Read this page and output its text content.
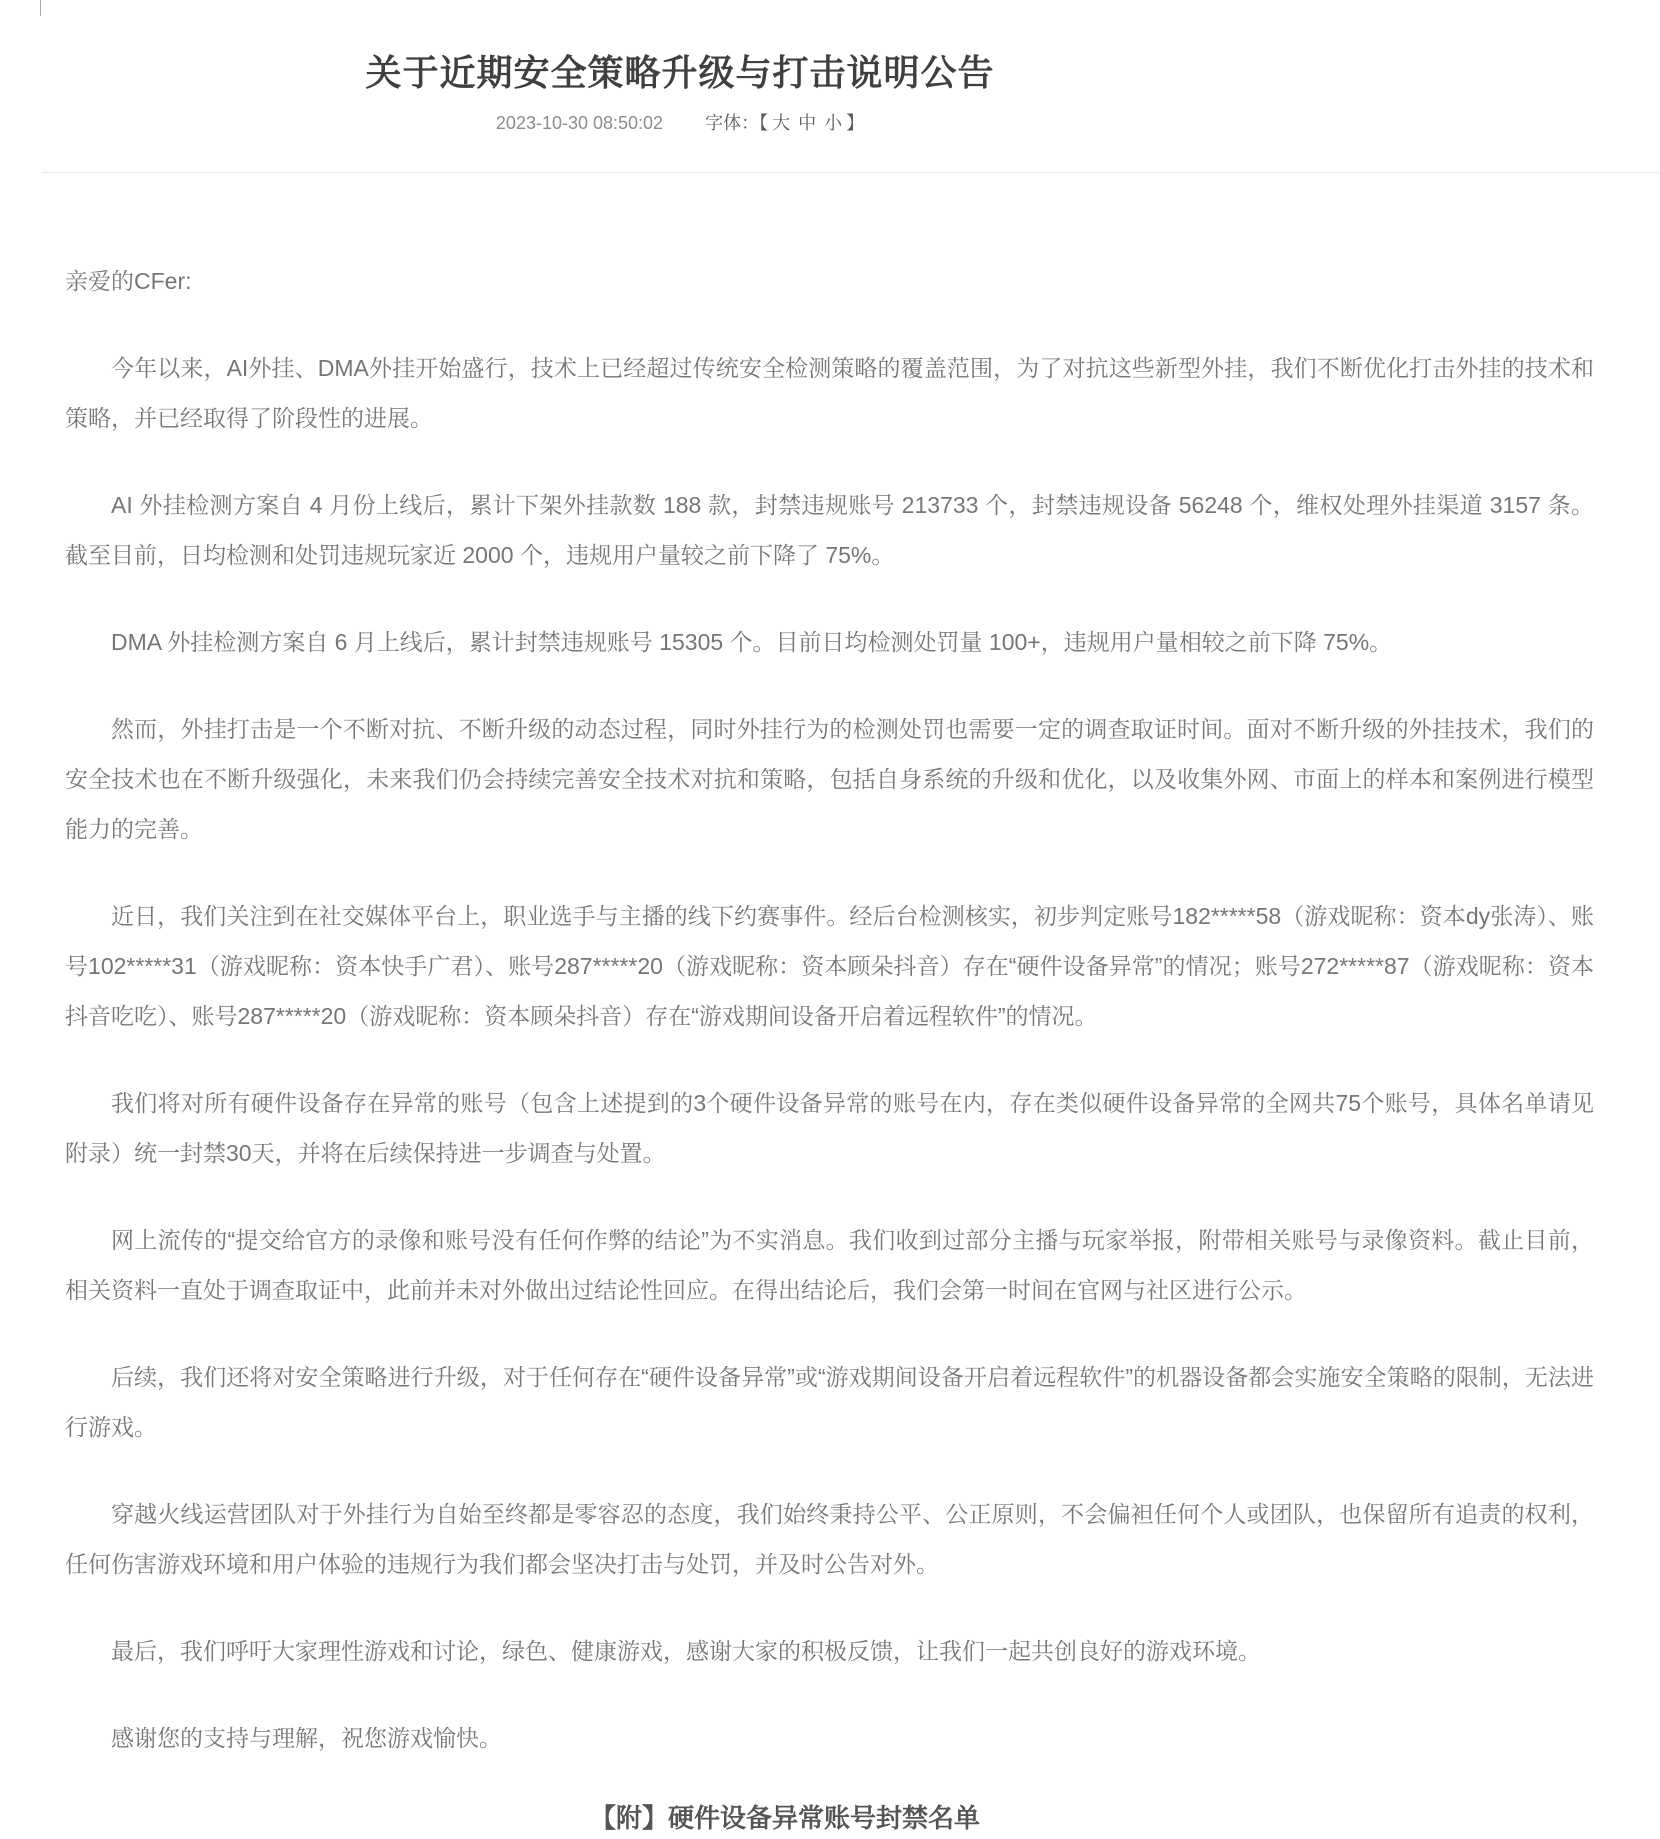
关于近期安全策略升级与打击说明公告
2023-10-30 08:50:02 字体：【 大 中 小 】

亲爱的CFer:

今年以来，AI外挂、DMA外挂开始盛行，技术上已经超过传统安全检测策略的覆盖范围，为了对抗这些新型外挂，我们不断优化打击外挂的技术和策略，并已经取得了阶段性的进展。

AI 外挂检测方案自 4 月份上线后，累计下架外挂款数 188 款，封禁违规账号 213733 个，封禁违规设备 56248 个，维权处理外挂渠道 3157 条。截至目前，日均检测和处罚违规玩家近 2000 个，违规用户量较之前下降了 75%。

DMA 外挂检测方案自 6 月上线后，累计封禁违规账号 15305 个。目前日均检测处罚量 100+，违规用户量相较之前下降 75%。

然而，外挂打击是一个不断对抗、不断升级的动态过程，同时外挂行为的检测处罚也需要一定的调查取证时间。面对不断升级的外挂技术，我们的安全技术也在不断升级强化，未来我们仍会持续完善安全技术对抗和策略，包括自身系统的升级和优化，以及收集外网、市面上的样本和案例进行模型能力的完善。

近日，我们关注到在社交媒体平台上，职业选手与主播的线下约赛事件。经后台检测核实，初步判定账号182*****58（游戏昵称：资本dy张涛）、账号102*****31（游戏昵称：资本快手广君）、账号287*****20（游戏昵称：资本顾朵抖音）存在“硬件设备异常”的情况；账号272*****87（游戏昵称：资本抖音吃吃）、账号287*****20（游戏昵称：资本顾朵抖音）存在“游戏期间设备开启着远程软件”的情况。

我们将对所有硬件设备存在异常的账号（包含上述提到的3个硬件设备异常的账号在内，存在类似硬件设备异常的全网共75个账号，具体名单请见附录）统一封禁30天，并将在后续保持进一步调查与处置。

网上流传的“提交给官方的录像和账号没有任何作弊的结论”为不实消息。我们收到过部分主播与玩家举报，附带相关账号与录像资料。截止目前，相关资料一直处于调查取证中，此前并未对外做出过结论性回应。在得出结论后，我们会第一时间在官网与社区进行公示。

后续，我们还将对安全策略进行升级，对于任何存在“硬件设备异常”或“游戏期间设备开启着远程软件”的机器设备都会实施安全策略的限制，无法进行游戏。

穿越火线运营团队对于外挂行为自始至终都是零容忍的态度，我们始终秉持公平、公正原则，不会偏袒任何个人或团队，也保留所有追责的权利，任何伤害游戏环境和用户体验的违规行为我们都会坚决打击与处罚，并及时公告对外。

最后，我们呼吁大家理性游戏和讨论，绿色、健康游戏，感谢大家的积极反馈，让我们一起共创良好的游戏环境。

感谢您的支持与理解，祝您游戏愉快。

【附】硬件设备异常账号封禁名单
